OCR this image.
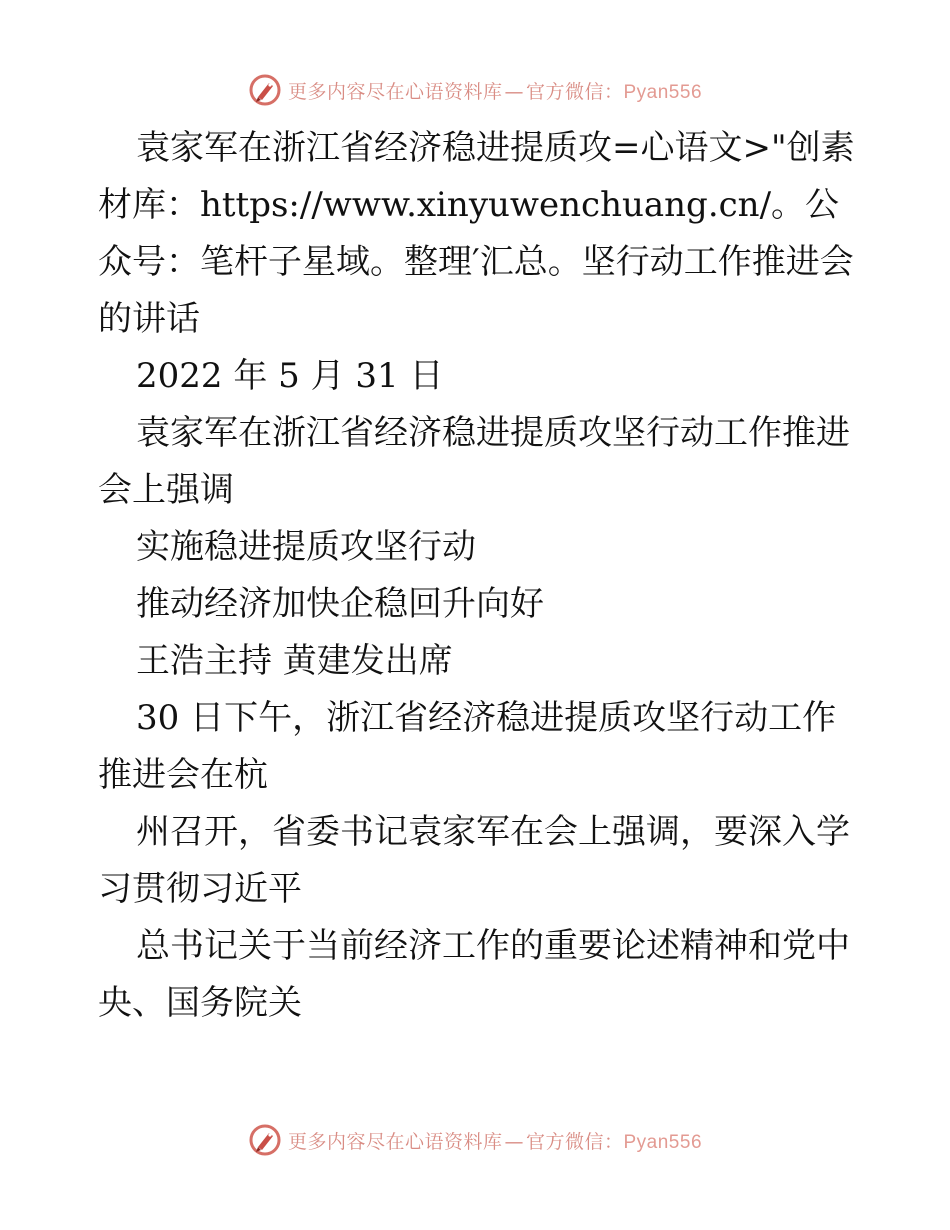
更多内容尽在心语资料库 — 官方微信：Pyan556

袁家军在浙江省经济稳进提质攻=心语文>"创素材库：https://www.xinyuwenchuang.cn/。公众号：笔杆子星域。整理′汇总。坚行动工作推进会的讲话

2022 年 5 月 31 日

袁家军在浙江省经济稳进提质攻坚行动工作推进会上强调

实施稳进提质攻坚行动

推动经济加快企稳回升向好

王浩主持 黄建发出席

30 日下午，浙江省经济稳进提质攻坚行动工作推进会在杭

州召开，省委书记袁家军在会上强调，要深入学习贯彻习近平

总书记关于当前经济工作的重要论述精神和党中央、国务院关

更多内容尽在心语资料库 — 官方微信：Pyan556
